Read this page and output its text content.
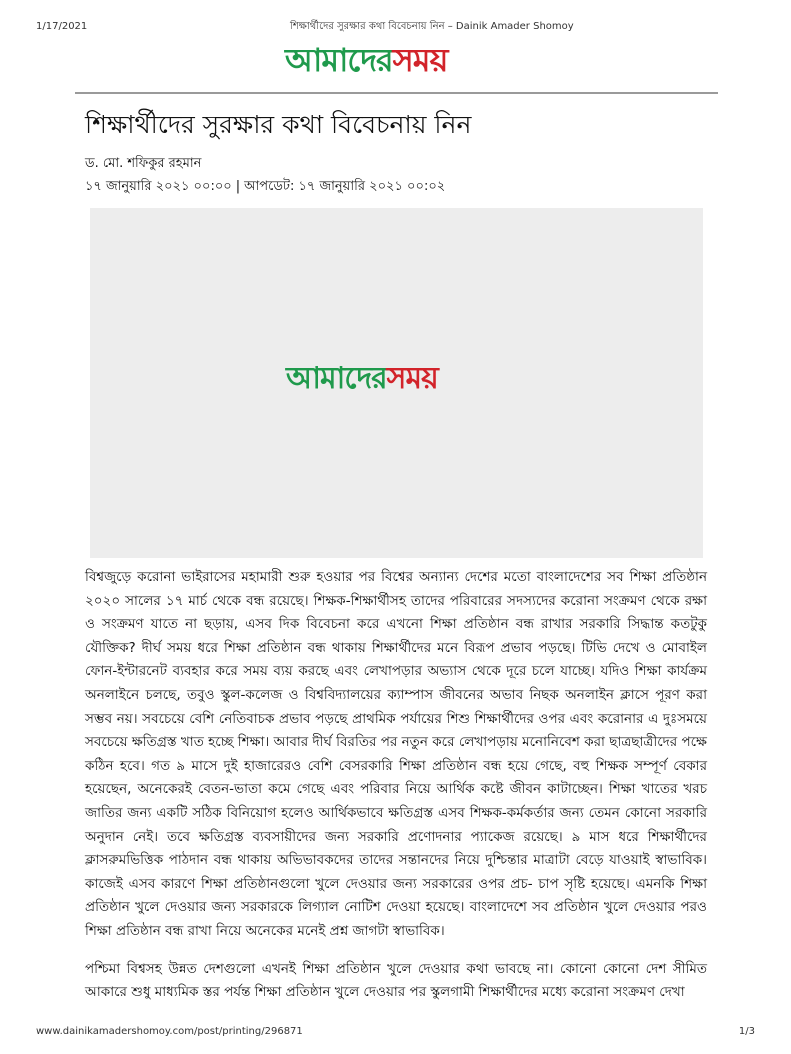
1/17/2021	শিক্ষার্থীদের সুরক্ষার কথা বিবেচনায় নিন – Dainik Amader Shomoy
আমাদেরসময়
শিক্ষার্থীদের সুরক্ষার কথা বিবেচনায় নিন
ড. মো. শফিকুর রহমান
১৭ জানুয়ারি ২০২১ ০০:০০ | আপডেট: ১৭ জানুয়ারি ২০২১ ০০:০২
আমাদেরসময়

বিশ্বজুড়ে করোনা ভাইরাসের মহামারী শুরু হওয়ার পর বিশ্বের অন্যান্য দেশের মতো বাংলাদেশের সব শিক্ষা প্রতিষ্ঠান ২০২০ সালের ১৭ মার্চ থেকে বন্ধ রয়েছে। শিক্ষক-শিক্ষার্থীসহ তাদের পরিবারের সদস্যদের করোনা সংক্রমণ থেকে রক্ষা ও সংক্রমণ যাতে না ছড়ায়, এসব দিক বিবেচনা করে এখনো শিক্ষা প্রতিষ্ঠান বন্ধ রাখার সরকারি সিদ্ধান্ত কতটুকু যৌক্তিক? দীর্ঘ সময় ধরে শিক্ষা প্রতিষ্ঠান বন্ধ থাকায় শিক্ষার্থীদের মনে বিরূপ প্রভাব পড়ছে। টিভি দেখে ও মোবাইল ফোন-ইন্টারনেট ব্যবহার করে সময় ব্যয় করছে এবং লেখাপড়ার অভ্যাস থেকে দূরে চলে যাচ্ছে। যদিও শিক্ষা কার্যক্রম অনলাইনে চলছে, তবুও স্কুল-কলেজ ও বিশ্ববিদ্যালয়ের ক্যাম্পাস জীবনের অভাব নিছক অনলাইন ক্লাসে পূরণ করা সম্ভব নয়। সবচেয়ে বেশি নেতিবাচক প্রভাব পড়ছে প্রাথমিক পর্যায়ের শিশু শিক্ষার্থীদের ওপর এবং করোনার এ দুঃসময়ে সবচেয়ে ক্ষতিগ্রস্ত খাত হচ্ছে শিক্ষা। আবার দীর্ঘ বিরতির পর নতুন করে লেখাপড়ায় মনোনিবেশ করা ছাত্রছাত্রীদের পক্ষে কঠিন হবে। গত ৯ মাসে দুই হাজারেরও বেশি বেসরকারি শিক্ষা প্রতিষ্ঠান বন্ধ হয়ে গেছে, বহু শিক্ষক সম্পূর্ণ বেকার হয়েছেন, অনেকেরই বেতন-ভাতা কমে গেছে এবং পরিবার নিয়ে আর্থিক কষ্টে জীবন কাটাচ্ছেন। শিক্ষা খাতের খরচ জাতির জন্য একটি সঠিক বিনিয়োগ হলেও আর্থিকভাবে ক্ষতিগ্রস্ত এসব শিক্ষক-কর্মকর্তার জন্য তেমন কোনো সরকারি অনুদান নেই। তবে ক্ষতিগ্রস্ত ব্যবসায়ীদের জন্য সরকারি প্রণোদনার প্যাকেজ রয়েছে। ৯ মাস ধরে শিক্ষার্থীদের ক্লাসরুমভিত্তিক পাঠদান বন্ধ থাকায় অভিভাবকদের তাদের সন্তানদের নিয়ে দুশ্চিন্তার মাত্রাটা বেড়ে যাওয়াই স্বাভাবিক। কাজেই এসব কারণে শিক্ষা প্রতিষ্ঠানগুলো খুলে দেওয়ার জন্য সরকারের ওপর প্রচ- চাপ সৃষ্টি হয়েছে। এমনকি শিক্ষা প্রতিষ্ঠান খুলে দেওয়ার জন্য সরকারকে লিগ্যাল নোটিশ দেওয়া হয়েছে। বাংলাদেশে সব প্রতিষ্ঠান খুলে দেওয়ার পরও শিক্ষা প্রতিষ্ঠান বন্ধ রাখা নিয়ে অনেকের মনেই প্রশ্ন জাগটা স্বাভাবিক।

পশ্চিমা বিশ্বসহ উন্নত দেশগুলো এখনই শিক্ষা প্রতিষ্ঠান খুলে দেওয়ার কথা ভাবছে না। কোনো কোনো দেশ সীমিত আকারে শুধু মাধ্যমিক স্তর পর্যন্ত শিক্ষা প্রতিষ্ঠান খুলে দেওয়ার পর স্কুলগামী শিক্ষার্থীদের মধ্যে করোনা সংক্রমণ দেখা

www.dainikamadershomoy.com/post/printing/296871	1/3
